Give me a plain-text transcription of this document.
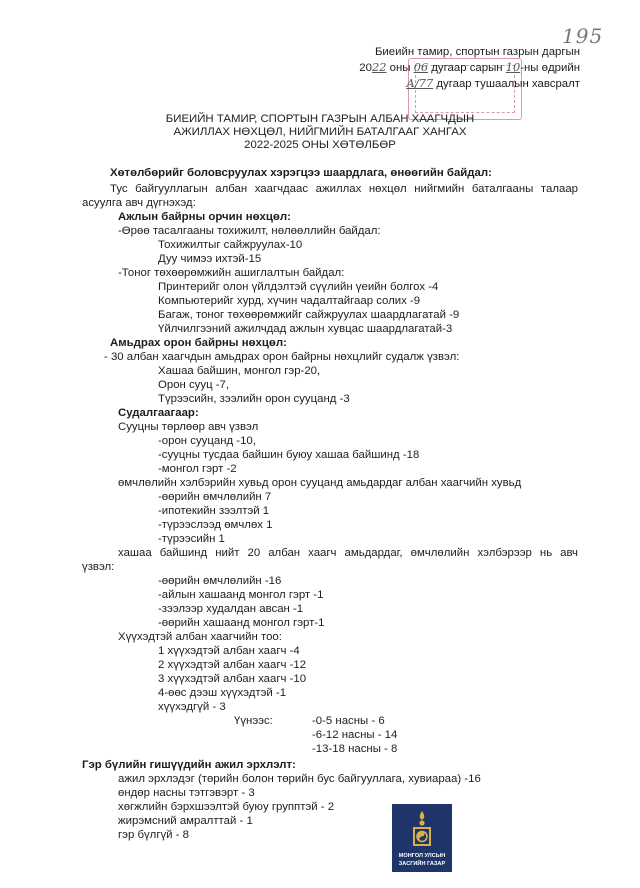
195
Биеийн тамир, спортын газрын даргын
2022 оны 06 дугаар сарын 10-ны өдрийн
А/77 дугаар тушаалын хавсралт
БИЕИЙН ТАМИР, СПОРТЫН ГАЗРЫН АЛБАН ХААГЧДЫН
АЖИЛЛАХ НӨХЦӨЛ, НИЙГМИЙН БАТАЛГААГ ХАНГАХ
2022-2025 ОНЫ ХӨТӨЛБӨР
Хөтөлбөрийг боловсруулах хэрэгцээ шаардлага, өнөөгийн байдал:
Тус байгууллагын албан хаагчдаас ажиллах нөхцөл нийгмийн баталгааны талаар
асуулга авч дүгнэхэд:
Ажлын байрны орчин нөхцөл:
-Өрөө тасалгааны тохижилт, нөлөөллийн байдал:
Тохижилтыг сайжруулах-10
Дуу чимээ ихтэй-15
-Тоног төхөөрөмжийн ашиглалтын байдал:
Принтерийг олон үйлдэлтэй сүүлийн үеийн болгох -4
Компьютерийг хурд, хүчин чадалтайгаар солих -9
Багаж, тоног төхөөрөмжийг сайжруулах шаардлагатай -9
Үйлчилгээний ажилчдад ажлын хувцас шаардлагатай-3
Амьдрах орон байрны нөхцөл:
- 30 албан хаагчдын амьдрах орон байрны нөхцлийг судалж үзвэл:
Хашаа байшин, монгол гэр-20,
Орон сууц -7,
Түрээсийн, зээлийн орон сууцанд -3
Судалгаагаар:
Сууцны төрлөөр авч үзвэл
-орон сууцанд -10,
-сууцны тусдаа байшин буюу хашаа байшинд -18
-монгол гэрт -2
өмчлөлийн хэлбэрийн хувьд орон сууцанд амьдардаг албан хаагчийн хувьд
-өөрийн өмчлөлийн 7
-ипотекийн зээлтэй 1
-түрээслээд өмчлөх 1
-түрээсийн 1
хашаа байшинд нийт 20 албан хаагч амьдардаг, өмчлөлийн хэлбэрээр нь авч
үзвэл:
-өөрийн өмчлөлийн -16
-айлын хашаанд монгол гэрт -1
-зээлээр худалдан авсан -1
-өөрийн хашаанд монгол гэрт-1
Хүүхэдтэй албан хаагчийн тоо:
1 хүүхэдтэй албан хаагч -4
2 хүүхэдтэй албан хаагч -12
3 хүүхэдтэй албан хаагч -10
4-өөс дээш хүүхэдтэй -1
хүүхэдгүй - 3
Үүнээс:	-0-5 насны - 6
-6-12 насны - 14
-13-18 насны - 8
Гэр бүлийн гишүүдийн ажил эрхлэлт:
ажил эрхлэдэг (төрийн болон төрийн бус байгууллага, хувиараа) -16
өндөр насны тэтгэвэрт - 3
хөгжлийн бэрхшээлтэй буюу групптэй - 2
жирэмсний амралттай - 1
гэр бүлгүй - 8
МОНГОЛ УЛСЫН
ЗАСГИЙН ГАЗАР
